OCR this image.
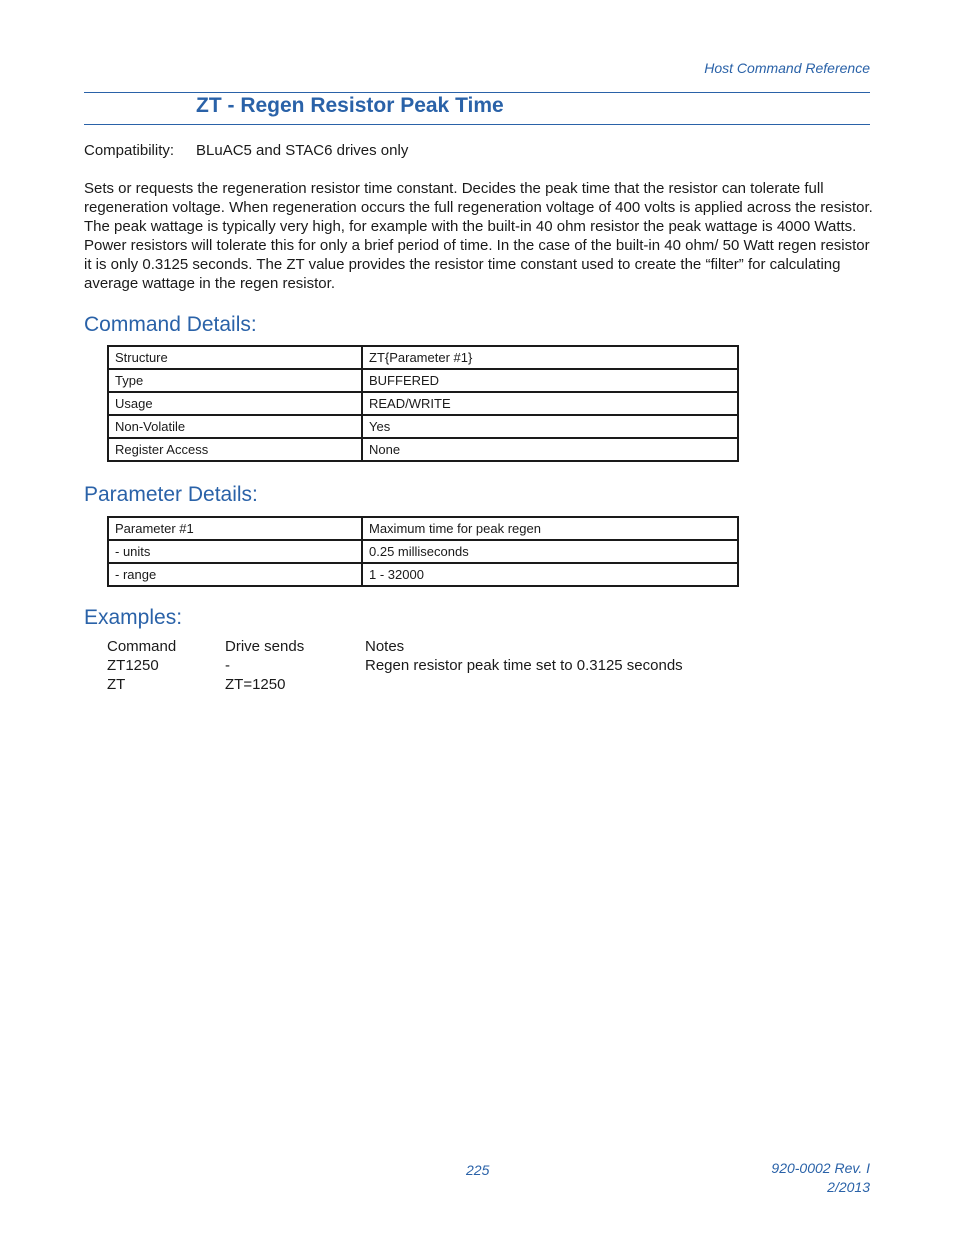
Host Command Reference
ZT - Regen Resistor Peak Time
Compatibility: BLuAC5 and STAC6 drives only

Sets or requests the regeneration resistor time constant. Decides the peak time that the resistor can tolerate full regeneration voltage. When regeneration occurs the full regeneration voltage of 400 volts is applied across the resistor. The peak wattage is typically very high, for example with the built-in 40 ohm resistor the peak wattage is 4000 Watts. Power resistors will tolerate this for only a brief period of time. In the case of the built-in 40 ohm/ 50 Watt regen resistor it is only 0.3125 seconds. The ZT value provides the resistor time constant used to create the “filter” for calculating average wattage in the regen resistor.

Command Details:
Structure	ZT{Parameter #1}
Type	BUFFERED
Usage	READ/WRITE
Non-Volatile	Yes
Register Access	None
Parameter Details:
Parameter #1	Maximum time for peak regen
- units	0.25 milliseconds
- range	1 - 32000
Examples:
Command	Drive sends	Notes
ZT1250	-	Regen resistor peak time set to 0.3125 seconds
ZT	ZT=1250
225	920-0002 Rev. I
2/2013
